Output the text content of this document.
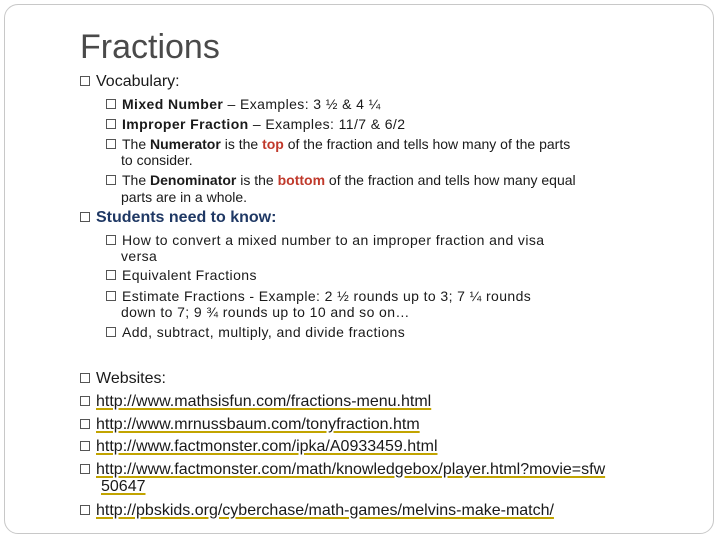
Fractions
Vocabulary:
Mixed Number – Examples: 3 ½ & 4 ¼
Improper Fraction – Examples: 11/7 & 6/2
The Numerator is the top of the fraction and tells how many of the parts
to consider.
The Denominator is the bottom of the fraction and tells how many equal
parts are in a whole.
Students need to know:
How to convert a mixed number to an improper fraction and visa
versa
Equivalent Fractions
Estimate Fractions - Example: 2 ½ rounds up to 3; 7 ¼ rounds
down to 7; 9 ¾ rounds up to 10 and so on…
Add, subtract, multiply, and divide fractions
Websites:
http://www.mathsisfun.com/fractions-menu.html
http://www.mrnussbaum.com/tonyfraction.htm
http://www.factmonster.com/ipka/A0933459.html
http://www.factmonster.com/math/knowledgebox/player.html?movie=sfw
50647
http://pbskids.org/cyberchase/math-games/melvins-make-match/
